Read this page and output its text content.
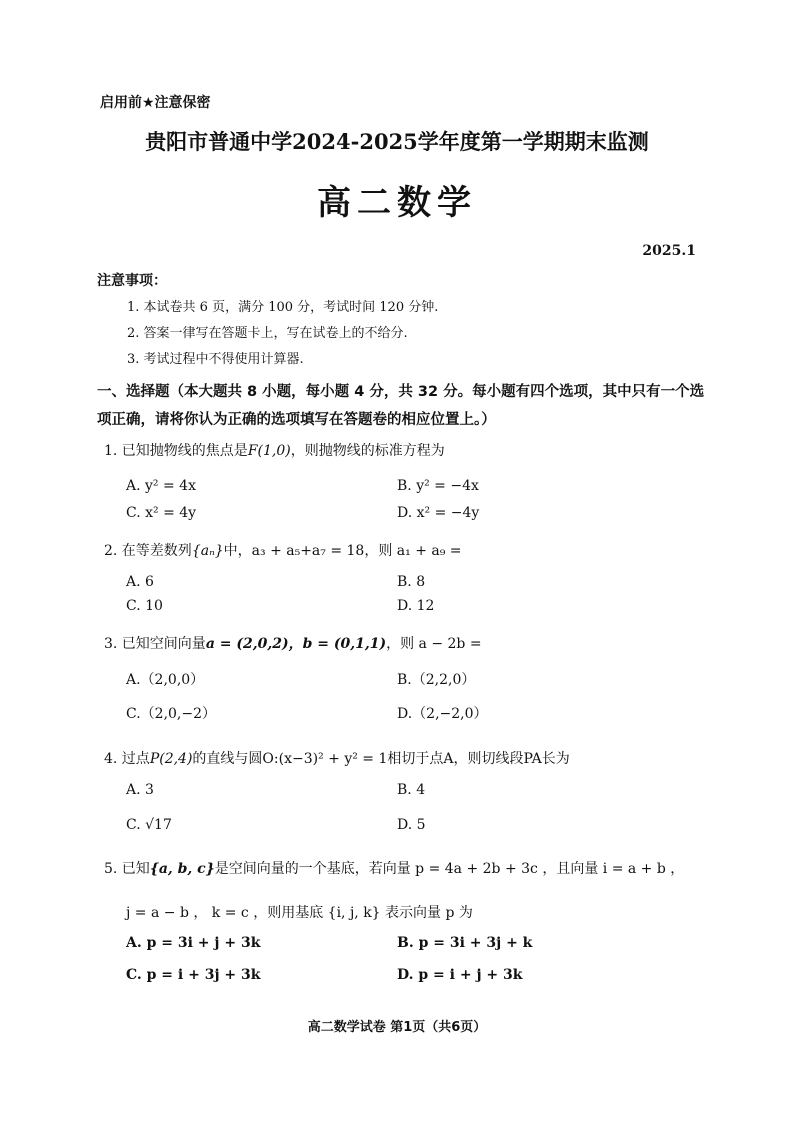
启用前★注意保密
贵阳市普通中学2024-2025学年度第一学期期末监测
高二数学
2025.1
注意事项：
1. 本试卷共 6 页，满分 100 分，考试时间 120 分钟.
2. 答案一律写在答题卡上，写在试卷上的不给分.
3. 考试过程中不得使用计算器.
一、选择题（本大题共 8 小题，每小题 4 分，共 32 分。每小题有四个选项，其中只有一个选项正确，请将你认为正确的选项填写在答题卷的相应位置上。）
1. 已知抛物线的焦点是F(1,0)，则抛物线的标准方程为
A. y² = 4x	B. y² = −4x
C. x² = 4y	D. x² = −4y
2. 在等差数列{aₙ}中，a₃ + a₅+a₇ = 18，则 a₁ + a₉ =
A. 6	B. 8
C. 10	D. 12
3. 已知空间向量a = (2,0,2)，b = (0,1,1)，则 a − 2b =
A.（2,0,0）	B.（2,2,0）
C.（2,0,−2）	D.（2,−2,0）
4. 过点P(2,4)的直线与圆O:(x−3)² + y² = 1相切于点A，则切线段PA长为
A. 3	B. 4
C. √17	D. 5
5. 已知{a, b, c}是空间向量的一个基底，若向量 p = 4a + 2b + 3c ，且向量 i = a + b ，
j = a − b ， k = c ，则用基底 {i, j, k} 表示向量 p 为
A. p = 3i + j + 3k	B. p = 3i + 3j + k
C. p = i + 3j + 3k	D. p = i + j + 3k
高二数学试卷 第1页（共6页）
